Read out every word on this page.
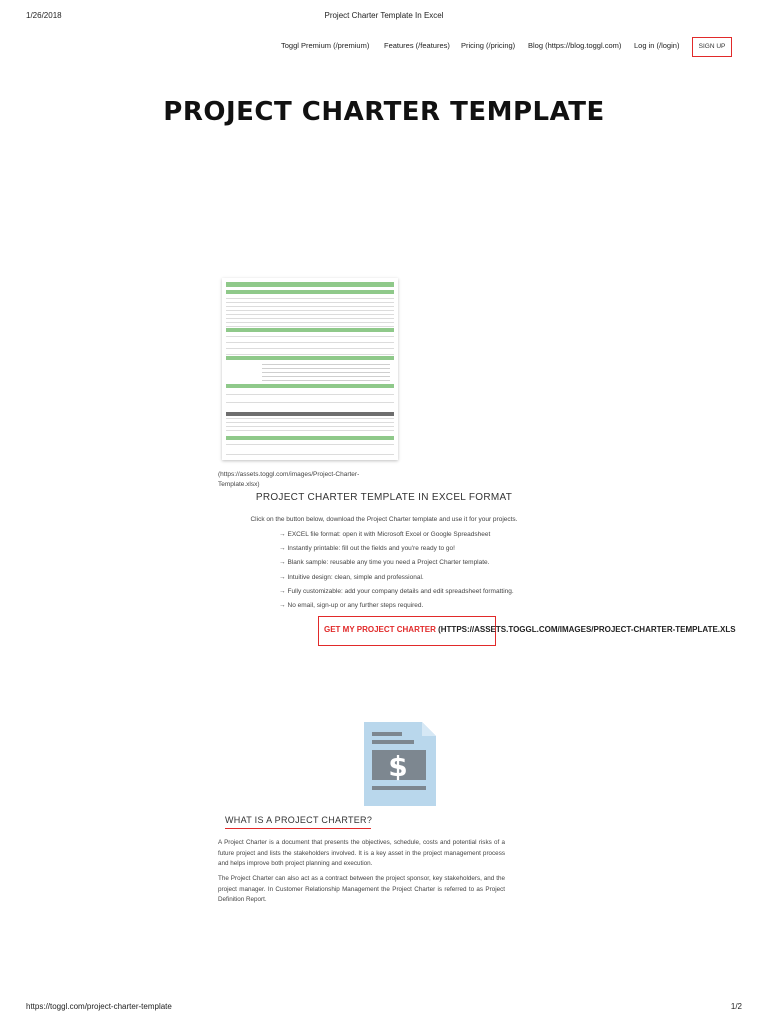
1/26/2018	Project Charter Template In Excel
Toggl Premium (/premium) Features (/features) Pricing (/pricing) Blog (https://blog.toggl.com) Log in (/login)	SIGN UP
PROJECT CHARTER TEMPLATE
(https://assets.toggl.com/images/Project-Charter-Template.xlsx)
PROJECT CHARTER TEMPLATE IN EXCEL FORMAT
Click on the button below, download the Project Charter template and use it for your projects.
→ EXCEL file format: open it with Microsoft Excel or Google Spreadsheet
→ Instantly printable: fill out the fields and you're ready to go!
→ Blank sample: reusable any time you need a Project Charter template.
→ Intuitive design: clean, simple and professional.
→ Fully customizable: add your company details and edit spreadsheet formatting.
→ No email, sign-up or any further steps required.
GET MY PROJECT CHARTER (HTTPS://ASSETS.TOGGL.COM/IMAGES/PROJECT-CHARTER-TEMPLATE.XLS
$
WHAT IS A PROJECT CHARTER?
A Project Charter is a document that presents the objectives, schedule, costs and potential risks of a future project and lists the stakeholders involved. It is a key asset in the project management process and helps improve both project planning and execution.
The Project Charter can also act as a contract between the project sponsor, key stakeholders, and the project manager. In Customer Relationship Management the Project Charter is referred to as Project Definition Report.
https://toggl.com/project-charter-template	1/2
